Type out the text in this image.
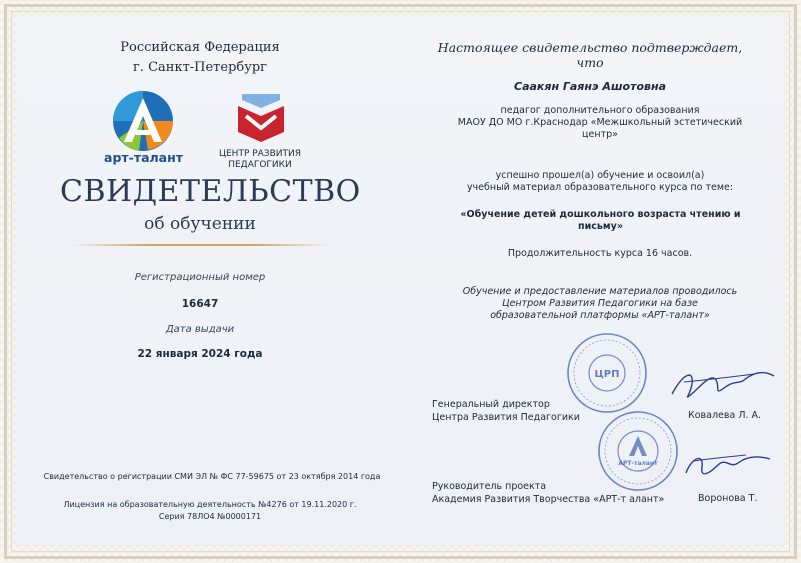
Российская Федерация
г. Санкт-Петербург
арт-талант	ЦЕНТР РАЗВИТИЯ
ПЕДАГОГИКИ
СВИДЕТЕЛЬСТВО
об обучении
Регистрационный номер
16647
Дата выдачи
22 января 2024 года
Свидетельство о регистрации СМИ ЭЛ № ФС 77-59675 от 23 октября 2014 года
Лицензия на образовательную деятельность №4276 от 19.11.2020 г.
Серия 78ЛО4 №0000171
Настоящее свидетельство подтверждает, что
Саакян Гаянэ Ашотовна
педагог дополнительного образования
МАОУ ДО МО г.Краснодар «Межшкольный эстетический
центр»
успешно прошел(а) обучение и освоил(а)
учебный материал образовательного курса по теме:
«Обучение детей дошкольного возраста чтению и
письму»
Продолжительность курса 16 часов.
Обучение и предоставление материалов проводилось
Центром Развития Педагогики на базе
образовательной платформы «АРТ-талант»
ЦРП
АРТ-талант
Генеральный директор
Центра Развития Педагогики	Ковалева Л. А.
Руководитель проекта
Академия Развития Творчества «АРТ-т алант»	Воронова Т.
